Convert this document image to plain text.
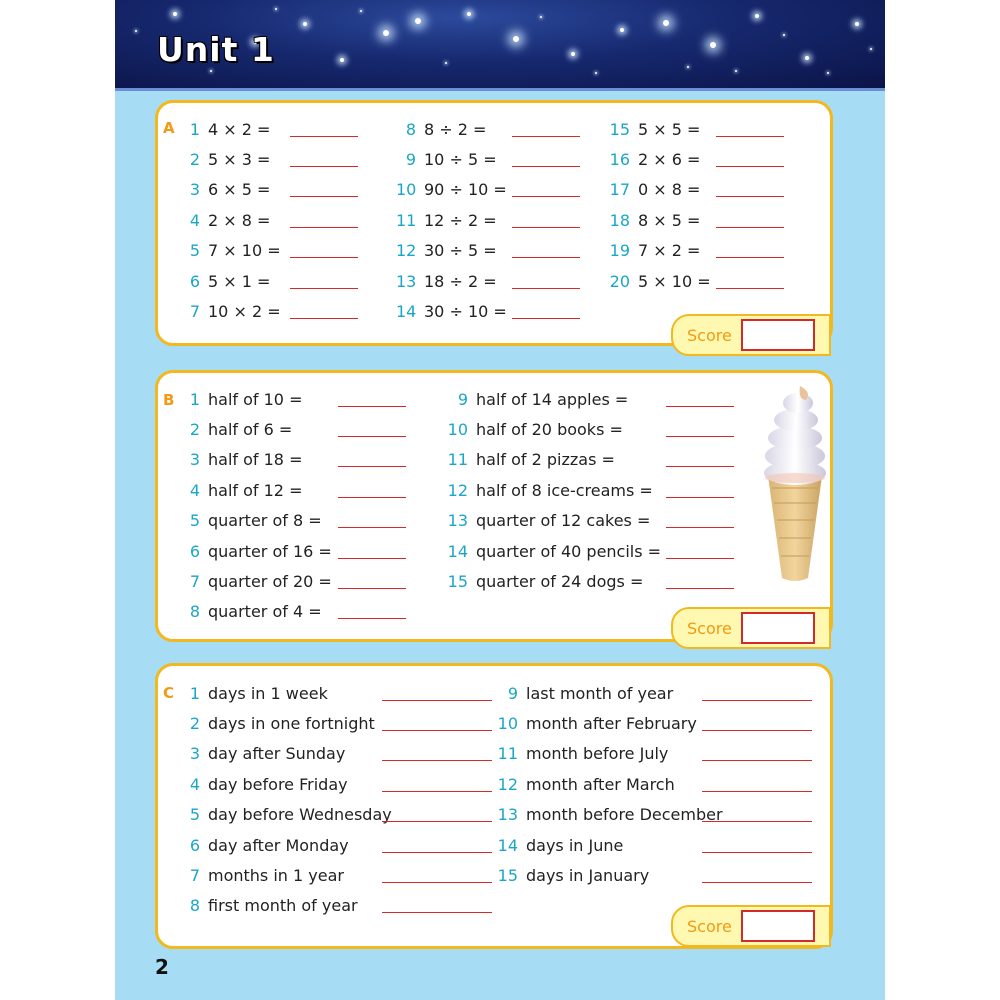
Unit 1
A 1 4 × 2 =
2 5 × 3 =
3 6 × 5 =
4 2 × 8 =
5 7 × 10 =
6 5 × 1 =
7 10 × 2 =
8 8 ÷ 2 =
9 10 ÷ 5 =
10 90 ÷ 10 =
11 12 ÷ 2 =
12 30 ÷ 5 =
13 18 ÷ 2 =
14 30 ÷ 10 =
15 5 × 5 =
16 2 × 6 =
17 0 × 8 =
18 8 × 5 =
19 7 × 2 =
20 5 × 10 =
Score
B 1 half of 10 =
2 half of 6 =
3 half of 18 =
4 half of 12 =
5 quarter of 8 =
6 quarter of 16 =
7 quarter of 20 =
8 quarter of 4 =
9 half of 14 apples =
10 half of 20 books =
11 half of 2 pizzas =
12 half of 8 ice-creams =
13 quarter of 12 cakes =
14 quarter of 40 pencils =
15 quarter of 24 dogs =
Score
C 1 days in 1 week
2 days in one fortnight
3 day after Sunday
4 day before Friday
5 day before Wednesday
6 day after Monday
7 months in 1 year
8 first month of year
9 last month of year
10 month after February
11 month before July
12 month after March
13 month before December
14 days in June
15 days in January
Score
2
